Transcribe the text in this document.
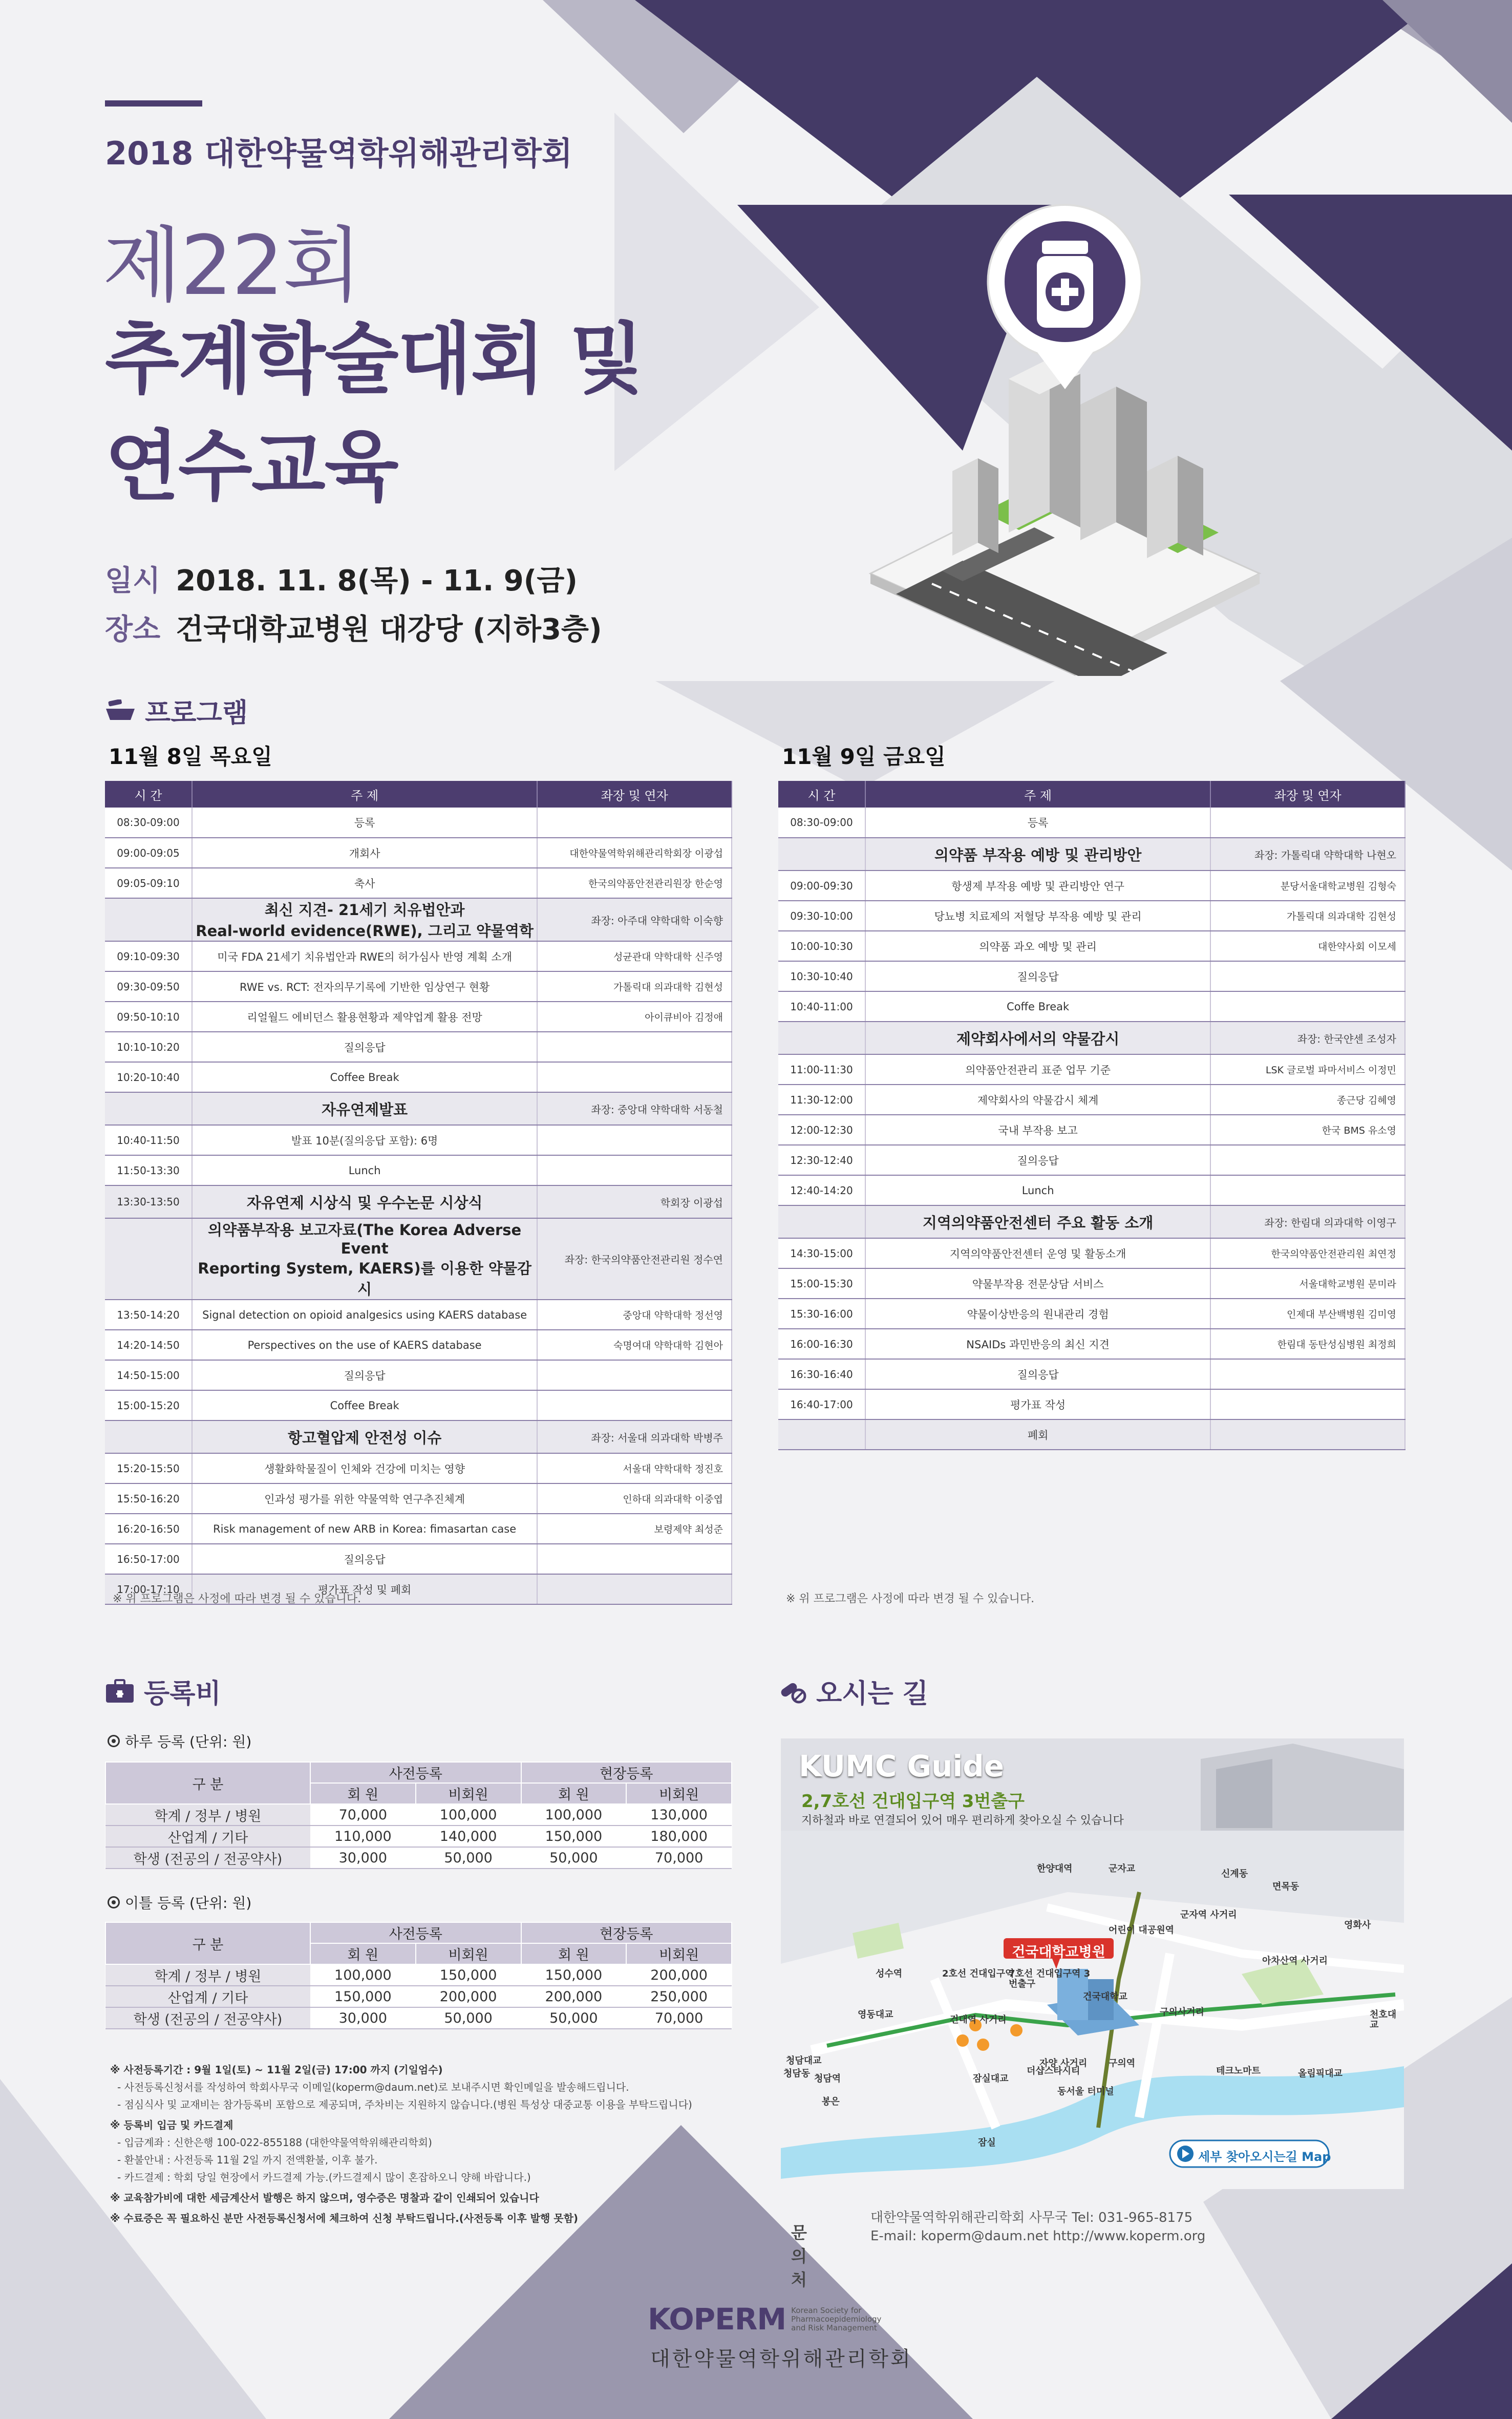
2018 대한약물역학위해관리학회
제22회
추계학술대회 및
연수교육
일시 2018. 11. 8(목) - 11. 9(금)
장소 건국대학교병원 대강당 (지하3층)
프로그램
11월 8일 목요일
시 간	주 제	좌장 및 연자
08:30-09:00	등록	
09:00-09:05	개회사	대한약물역학위해관리학회장 이광섭
09:05-09:10	축사	한국의약품안전관리원장 한순영
	최신 지견- 21세기 치유법안과
Real-world evidence(RWE), 그리고 약물역학	좌장: 아주대 약학대학 이숙향
09:10-09:30	미국 FDA 21세기 치유법안과 RWE의 허가심사 반영 계획 소개	성균관대 약학대학 신주영
09:30-09:50	RWE vs. RCT: 전자의무기록에 기반한 임상연구 현황	가톨릭대 의과대학 김현성
09:50-10:10	리얼월드 에비던스 활용현황과 제약업계 활용 전망	아이큐비아 김정애
10:10-10:20	질의응답	
10:20-10:40	Coffee Break	
	자유연제발표	좌장: 중앙대 약학대학 서동철
10:40-11:50	발표 10분(질의응답 포함): 6명	
11:50-13:30	Lunch	
13:30-13:50	자유연제 시상식 및 우수논문 시상식	학회장 이광섭
	의약품부작용 보고자료(The Korea Adverse Event
Reporting System, KAERS)를 이용한 약물감시	좌장: 한국의약품안전관리원 정수연
13:50-14:20	Signal detection on opioid analgesics using KAERS database	중앙대 약학대학 정선영
14:20-14:50	Perspectives on the use of KAERS database	숙명여대 약학대학 김현아
14:50-15:00	질의응답	
15:00-15:20	Coffee Break	
	항고혈압제 안전성 이슈	좌장: 서울대 의과대학 박병주
15:20-15:50	생활화학물질이 인체와 건강에 미치는 영향	서울대 약학대학 정진호
15:50-16:20	인과성 평가를 위한 약물역학 연구추진체계	인하대 의과대학 이중엽
16:20-16:50	Risk management of new ARB in Korea: fimasartan case	보령제약 최성준
16:50-17:00	질의응답	
17:00-17:10	평가표 작성 및 폐회	
※ 위 프로그램은 사정에 따라 변경 될 수 있습니다.
11월 9일 금요일
시 간	주 제	좌장 및 연자
08:30-09:00	등록	
	의약품 부작용 예방 및 관리방안	좌장: 가톨릭대 약학대학 나현오
09:00-09:30	항생제 부작용 예방 및 관리방안 연구	분당서울대학교병원 김형숙
09:30-10:00	당뇨병 치료제의 저혈당 부작용 예방 및 관리	가톨릭대 의과대학 김현성
10:00-10:30	의약품 과오 예방 및 관리	대한약사회 이모세
10:30-10:40	질의응답	
10:40-11:00	Coffe Break	
	제약회사에서의 약물감시	좌장: 한국얀센 조성자
11:00-11:30	의약품안전관리 표준 업무 기준	LSK 글로벌 파마서비스 이정민
11:30-12:00	제약회사의 약물감시 체계	종근당 김혜영
12:00-12:30	국내 부작용 보고	한국 BMS 유소영
12:30-12:40	질의응답	
12:40-14:20	Lunch	
	지역의약품안전센터 주요 활동 소개	좌장: 한림대 의과대학 이영구
14:30-15:00	지역의약품안전센터 운영 및 활동소개	한국의약품안전관리원 최연정
15:00-15:30	약물부작용 전문상담 서비스	서울대학교병원 문미라
15:30-16:00	약물이상반응의 원내관리 경험	인제대 부산백병원 김미영
16:00-16:30	NSAIDs 과민반응의 최신 지견	한림대 동탄성심병원 최정희
16:30-16:40	질의응답	
16:40-17:00	평가표 작성	
	폐회	
※ 위 프로그램은 사정에 따라 변경 될 수 있습니다.
등록비
하루 등록 (단위: 원)
구 분	사전등록		현장등록	
	회 원	비회원	회 원	비회원
학계 / 정부 / 병원	70,000	100,000	100,000	130,000
산업계 / 기타	110,000	140,000	150,000	180,000
학생 (전공의 / 전공약사)	30,000	50,000	50,000	70,000
이틀 등록 (단위: 원)
구 분	사전등록		현장등록	
	회 원	비회원	회 원	비회원
학계 / 정부 / 병원	100,000	150,000	150,000	200,000
산업계 / 기타	150,000	200,000	200,000	250,000
학생 (전공의 / 전공약사)	30,000	50,000	50,000	70,000
※ 사전등록기간 : 9월 1일(토) ~ 11월 2일(금) 17:00 까지 (기일엄수)
- 사전등록신청서를 작성하여 학회사무국 이메일(koperm@daum.net)로 보내주시면 확인메일을 발송해드립니다.
- 점심식사 및 교재비는 참가등록비 포함으로 제공되며, 주차비는 지원하지 않습니다.(병원 특성상 대중교통 이용을 부탁드립니다)
※ 등록비 입금 및 카드결제
- 입금계좌 : 신한은행 100-022-855188 (대한약물역학위해관리학회)
- 환불안내 : 사전등록 11월 2일 까지 전액환불, 이후 불가.
- 카드결제 : 학회 당일 현장에서 카드결제 가능.(카드결제시 많이 혼잡하오니 양해 바랍니다.)
※ 교육참가비에 대한 세금계산서 발행은 하지 않으며, 영수증은 명찰과 같이 인쇄되어 있습니다
※ 수료증은 꼭 필요하신 분만 사전등록신청서에 체크하여 신청 부탁드립니다.(사전등록 이후 발행 못함)
오시는 길
KUMC Guide
2,7호선 건대입구역 3번출구
지하철과 바로 연결되어 있어 매우 편리하게 찾아오실 수 있습니다
건국대학교병원
한양대역	군자교	신계동
면목동
영화사
군자역 사거리
어린이 대공원역
성수역	2호선 건대입구역
7호선 건대입구역 3번출구
건국대학교
구의사거리
아차산역 사거리
영동대교	건대역 사거리
청담대교	자양 사거리 구의역
테크노마트	올림픽대교
청담동 청담역
봉은
잠실대교
동서울 터미널
잠실
천호대교
더샵스타시티
세부 찾아오시는길 Map
문의처
대한약물역학위해관리학회 사무국 Tel: 031-965-8175
E-mail: koperm@daum.net http://www.koperm.org
KOPERM Korean Society for Pharmacoepidemiology and Risk Management
대한약물역학위해관리학회
